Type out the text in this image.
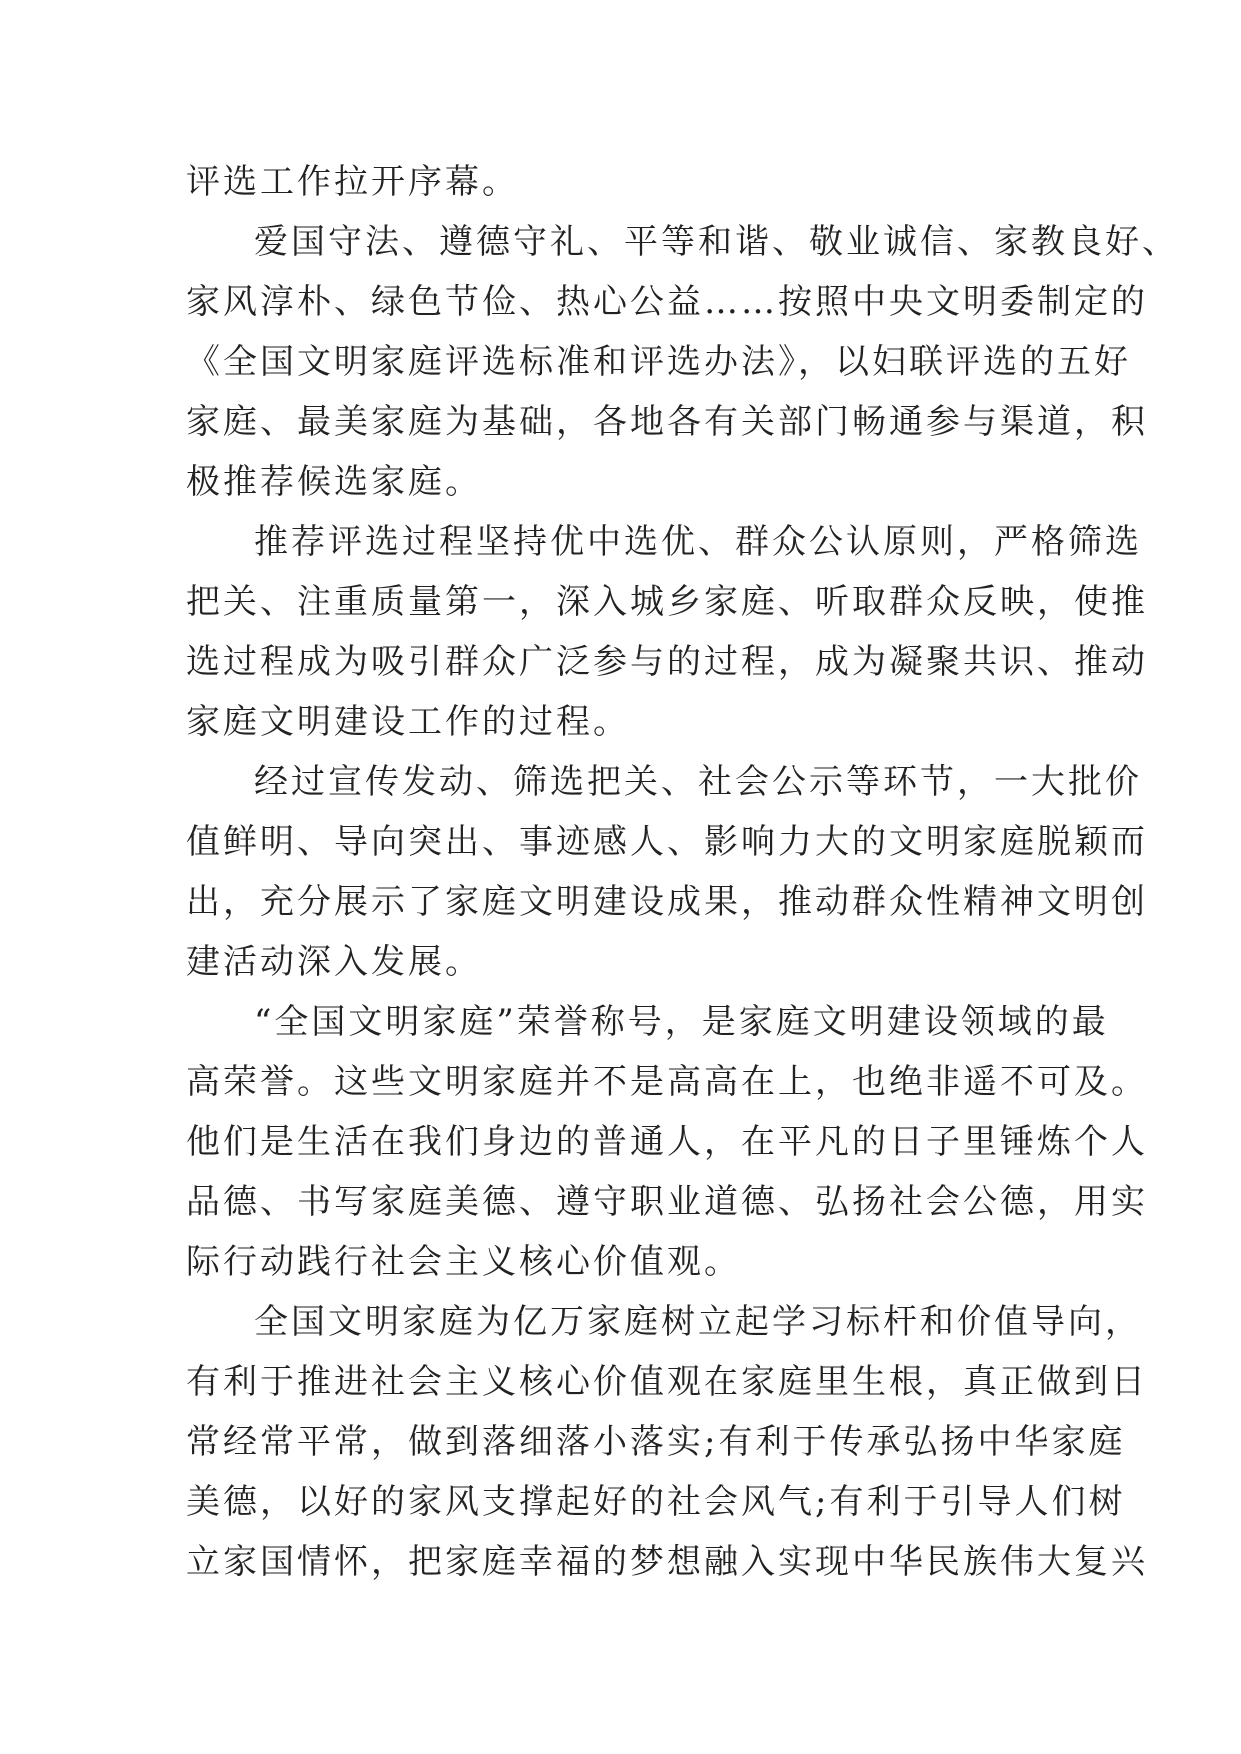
评选工作拉开序幕。
爱国守法、遵德守礼、平等和谐、敬业诚信、家教良好、
家风淳朴、绿色节俭、热心公益……按照中央文明委制定的
《全国文明家庭评选标准和评选办法》，以妇联评选的五好
家庭、最美家庭为基础，各地各有关部门畅通参与渠道，积
极推荐候选家庭。
推荐评选过程坚持优中选优、群众公认原则，严格筛选
把关、注重质量第一，深入城乡家庭、听取群众反映，使推
选过程成为吸引群众广泛参与的过程，成为凝聚共识、推动
家庭文明建设工作的过程。
经过宣传发动、筛选把关、社会公示等环节，一大批价
值鲜明、导向突出、事迹感人、影响力大的文明家庭脱颖而
出，充分展示了家庭文明建设成果，推动群众性精神文明创
建活动深入发展。
“全国文明家庭”荣誉称号，是家庭文明建设领域的最
高荣誉。这些文明家庭并不是高高在上，也绝非遥不可及。
他们是生活在我们身边的普通人，在平凡的日子里锤炼个人
品德、书写家庭美德、遵守职业道德、弘扬社会公德，用实
际行动践行社会主义核心价值观。
全国文明家庭为亿万家庭树立起学习标杆和价值导向，
有利于推进社会主义核心价值观在家庭里生根，真正做到日
常经常平常，做到落细落小落实;有利于传承弘扬中华家庭
美德，以好的家风支撑起好的社会风气;有利于引导人们树
立家国情怀，把家庭幸福的梦想融入实现中华民族伟大复兴
